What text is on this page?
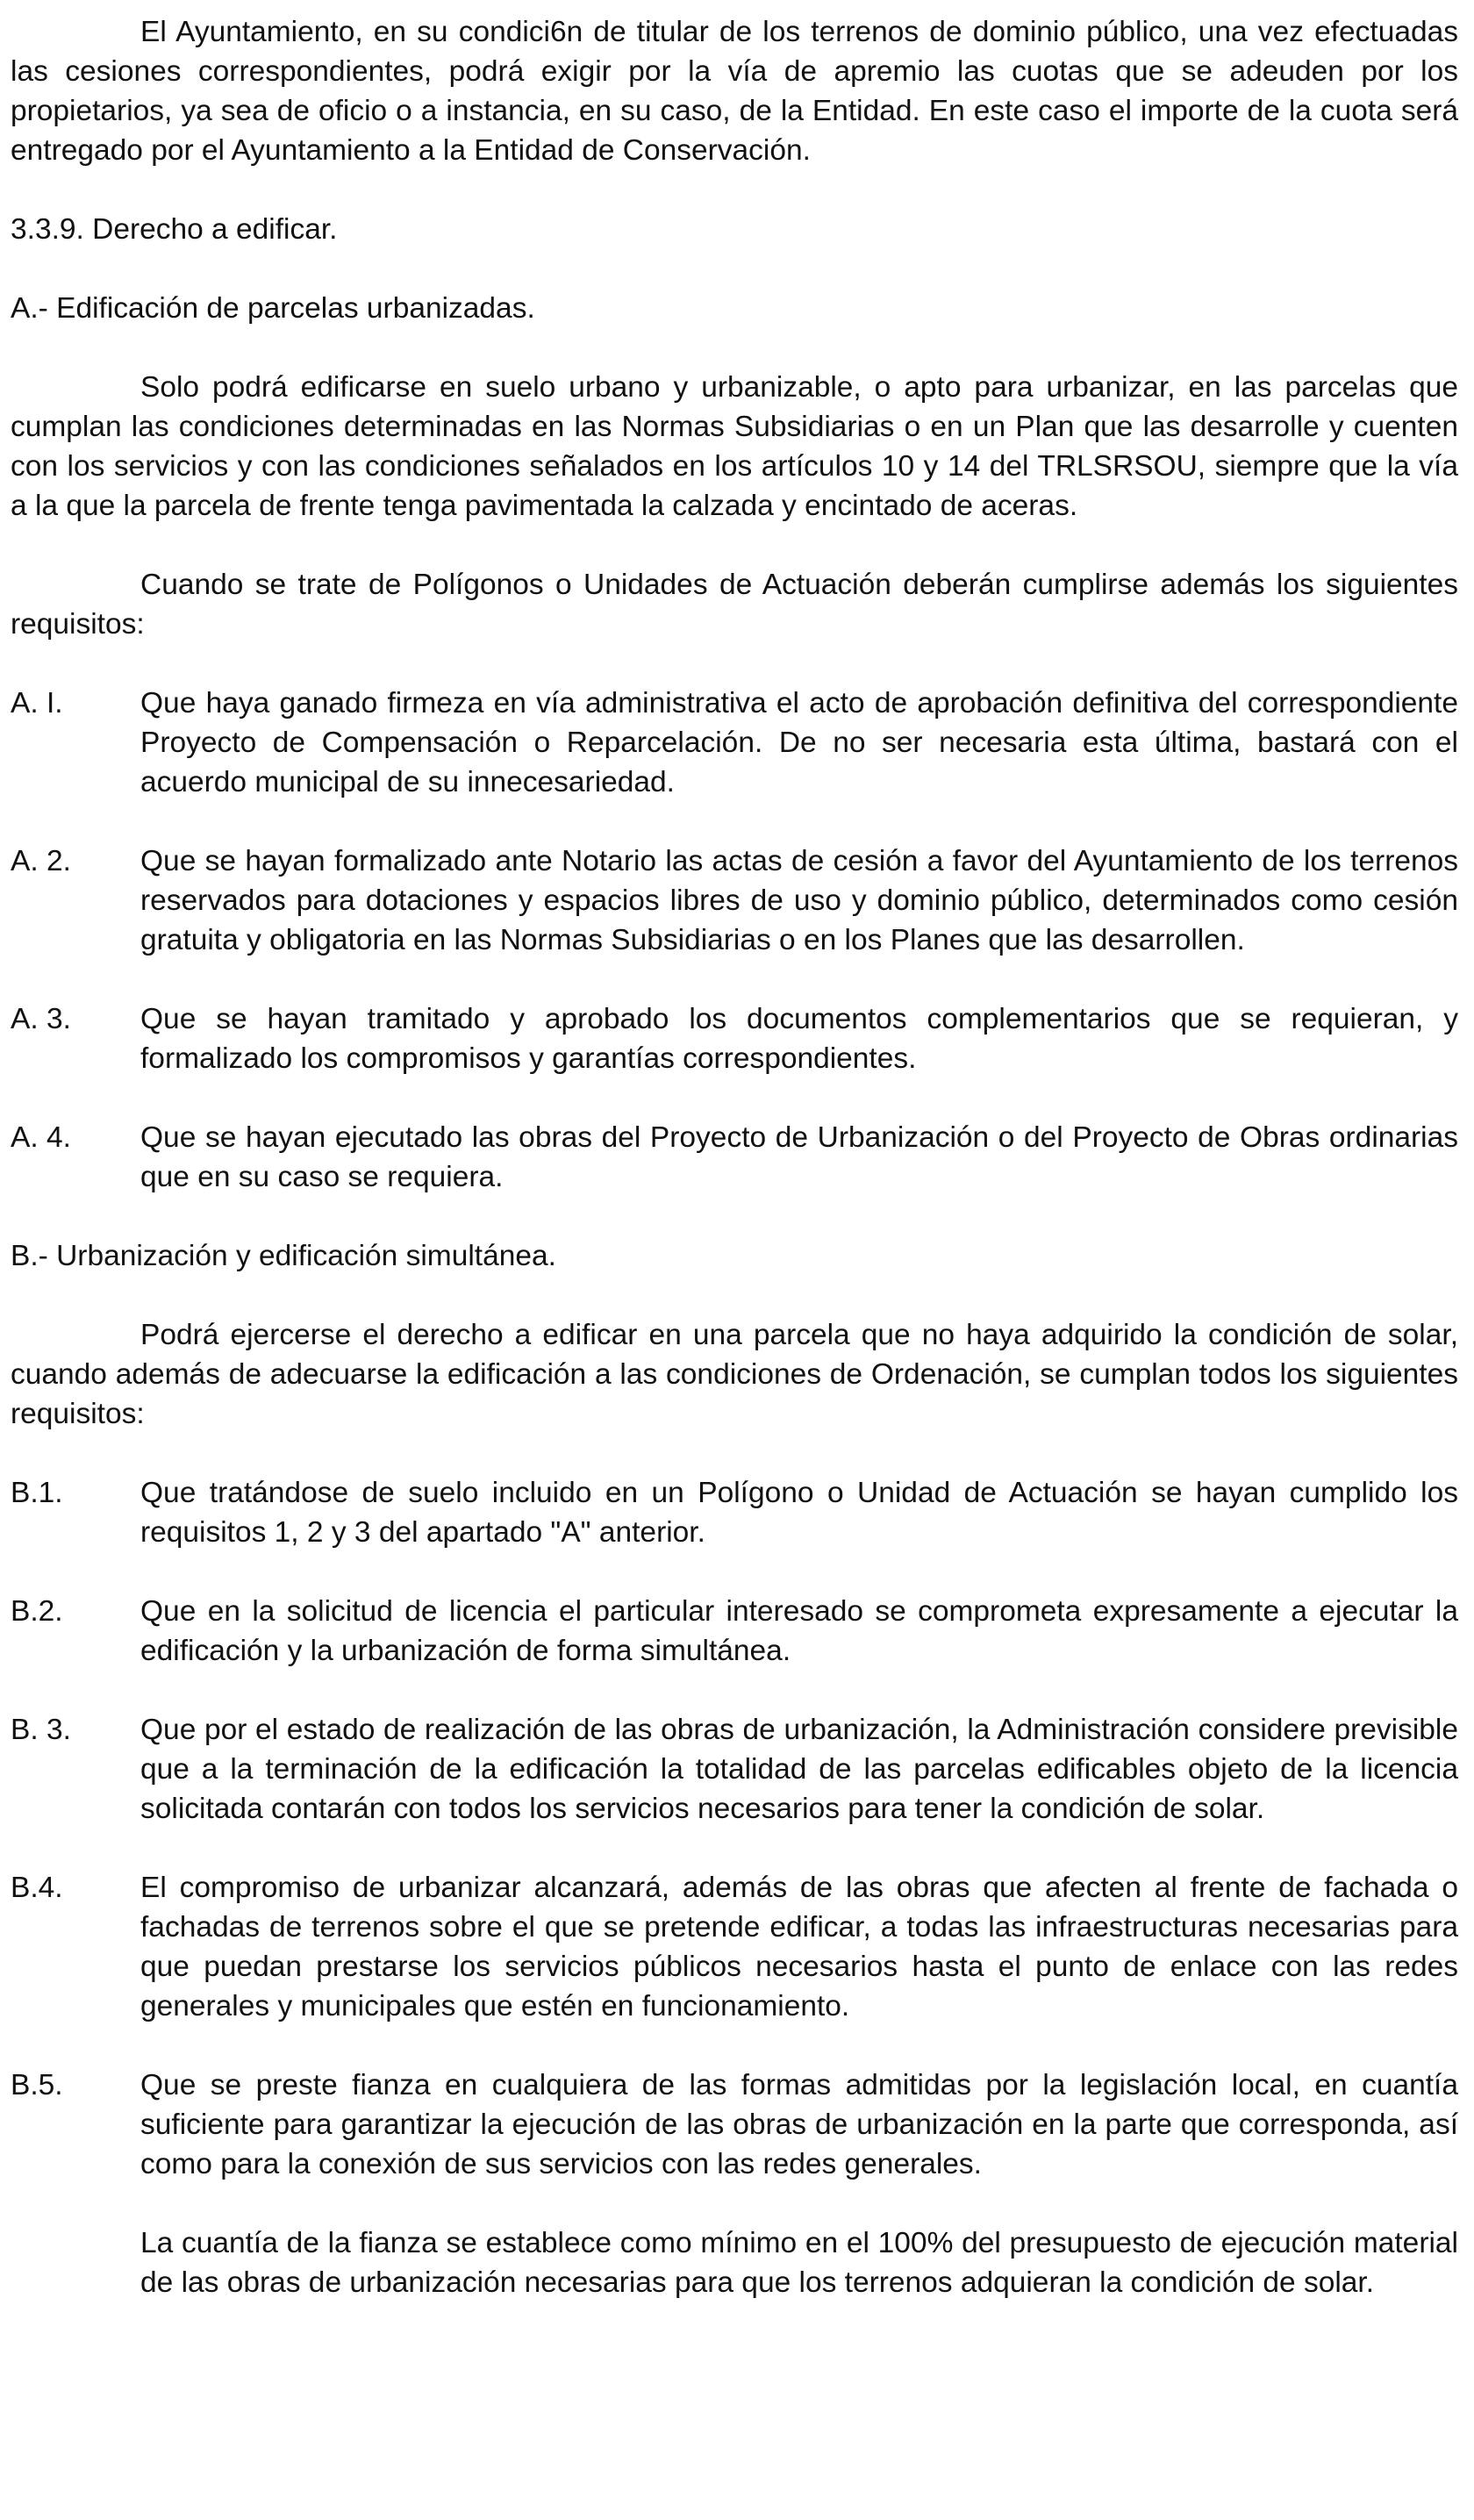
El Ayuntamiento, en su condici6n de titular de los terrenos de dominio público, una vez efectuadas las cesiones correspondientes, podrá exigir por la vía de apremio las cuotas que se adeuden por los propietarios, ya sea de oficio o a instancia, en su caso, de la Entidad. En este caso el importe de la cuota será entregado por el Ayuntamiento a la Entidad de Conservación.

3.3.9. Derecho a edificar.

A.- Edificación de parcelas urbanizadas.

Solo podrá edificarse en suelo urbano y urbanizable, o apto para urbanizar, en las parcelas que cumplan las condiciones determinadas en las Normas Subsidiarias o en un Plan que las desarrolle y cuenten con los servicios y con las condiciones señalados en los artículos 10 y 14 del TRLSRSOU, siempre que la vía a la que la parcela de frente tenga pavimentada la calzada y encintado de aceras.

Cuando se trate de Polígonos o Unidades de Actuación deberán cumplirse además los siguientes requisitos:

A. I.	Que haya ganado firmeza en vía administrativa el acto de aprobación definitiva del correspondiente Proyecto de Compensación o Reparcelación. De no ser necesaria esta última, bastará con el acuerdo municipal de su innecesariedad.
A. 2.	Que se hayan formalizado ante Notario las actas de cesión a favor del Ayuntamiento de los terrenos reservados para dotaciones y espacios libres de uso y dominio público, determinados como cesión gratuita y obligatoria en las Normas Subsidiarias o en los Planes que las desarrollen.
A. 3.	Que se hayan tramitado y aprobado los documentos complementarios que se requieran, y formalizado los compromisos y garantías correspondientes.
A. 4.	Que se hayan ejecutado las obras del Proyecto de Urbanización o del Proyecto de Obras ordinarias que en su caso se requiera.

B.- Urbanización y edificación simultánea.

Podrá ejercerse el derecho a edificar en una parcela que no haya adquirido la condición de solar, cuando además de adecuarse la edificación a las condiciones de Ordenación, se cumplan todos los siguientes requisitos:

B.1.	Que tratándose de suelo incluido en un Polígono o Unidad de Actuación se hayan cumplido los requisitos 1, 2 y 3 del apartado "A" anterior.
B.2.	Que en la solicitud de licencia el particular interesado se comprometa expresamente a ejecutar la edificación y la urbanización de forma simultánea.
B. 3.	Que por el estado de realización de las obras de urbanización, la Administración considere previsible que a la terminación de la edificación la totalidad de las parcelas edificables objeto de la licencia solicitada contarán con todos los servicios necesarios para tener la condición de solar.
B.4.	El compromiso de urbanizar alcanzará, además de las obras que afecten al frente de fachada o fachadas de terrenos sobre el que se pretende edificar, a todas las infraestructuras necesarias para que puedan prestarse los servicios públicos necesarios hasta el punto de enlace con las redes generales y municipales que estén en funcionamiento.
B.5.	Que se preste fianza en cualquiera de las formas admitidas por la legislación local, en cuantía suficiente para garantizar la ejecución de las obras de urbanización en la parte que corresponda, así como para la conexión de sus servicios con las redes generales.

La cuantía de la fianza se establece como mínimo en el 100% del presupuesto de ejecución material de las obras de urbanización necesarias para que los terrenos adquieran la condición de solar.
